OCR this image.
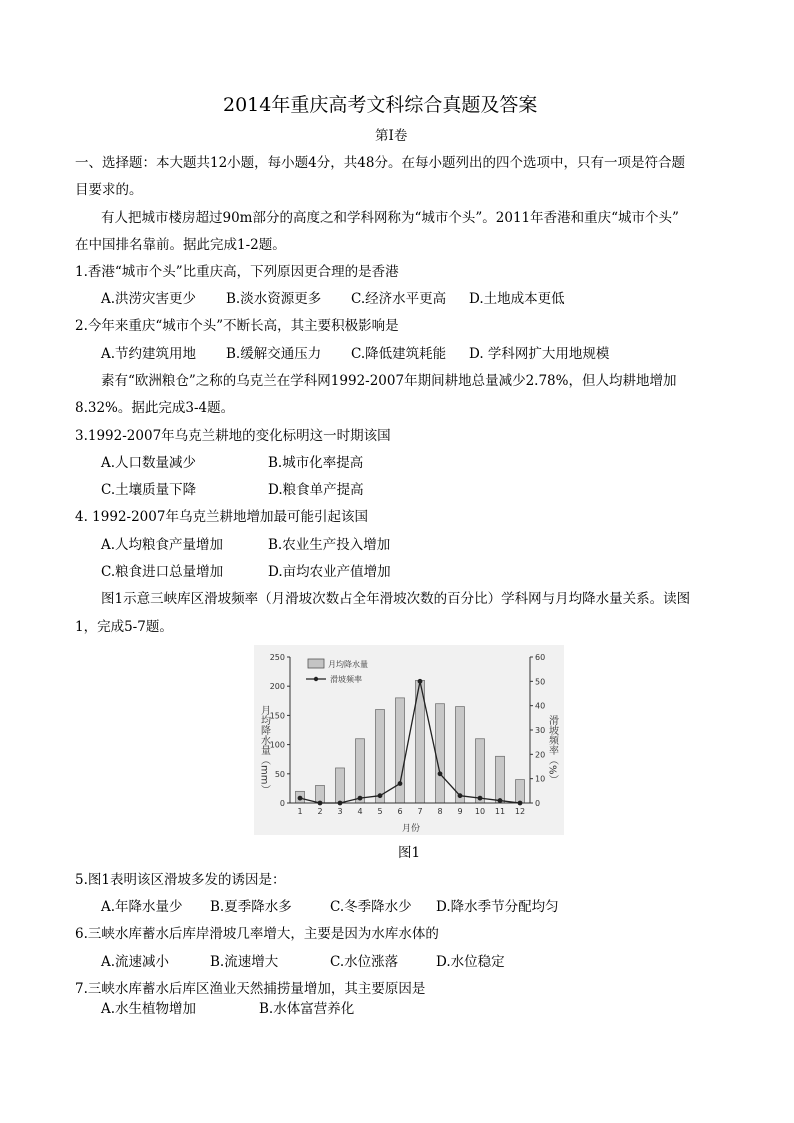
2014年重庆高考文科综合真题及答案
第Ⅰ卷
一、选择题：本大题共12小题，每小题4分，共48分。在每小题列出的四个选项中，只有一项是符合题
目要求的。
有人把城市楼房超过90m部分的高度之和学科网称为“城市个头”。2011年香港和重庆“城市个头”
在中国排名靠前。据此完成1-2题。
1.香港“城市个头”比重庆高，下列原因更合理的是香港
A.洪涝灾害更少 B.淡水资源更多 C.经济水平更高 D.土地成本更低
2.今年来重庆“城市个头”不断长高，其主要积极影响是
A.节约建筑用地 B.缓解交通压力 C.降低建筑耗能 D. 学科网扩大用地规模
素有“欧洲粮仓”之称的乌克兰在学科网1992-2007年期间耕地总量减少2.78%，但人均耕地增加
8.32%。据此完成3-4题。
3.1992-2007年乌克兰耕地的变化标明这一时期该国
A.人口数量减少	B.城市化率提高
C.土壤质量下降	D.粮食单产提高
4. 1992-2007年乌克兰耕地增加最可能引起该国
A.人均粮食产量增加	B.农业生产投入增加
C.粮食进口总量增加	D.亩均农业产值增加
图1示意三峡库区滑坡频率（月滑坡次数占全年滑坡次数的百分比）学科网与月均降水量关系。读图
1，完成5-7题。
0
50
100
150
200
250
0
10
20
30
40
50
60
1 2 3 4 5 6 7 8 9 10 11 12
月均降水量
滑坡频率
月均降水量（mm）	滑坡频率（%）
月份
图1
5.图1表明该区滑坡多发的诱因是：
A.年降水量少 B.夏季降水多	C.冬季降水少 D.降水季节分配均匀
6.三峡水库蓄水后库岸滑坡几率增大，主要是因为水库水体的
A.流速减小	B.流速增大	C.水位涨落	D.水位稳定
7.三峡水库蓄水后库区渔业天然捕捞量增加，其主要原因是
A.水生植物增加	B.水体富营养化
